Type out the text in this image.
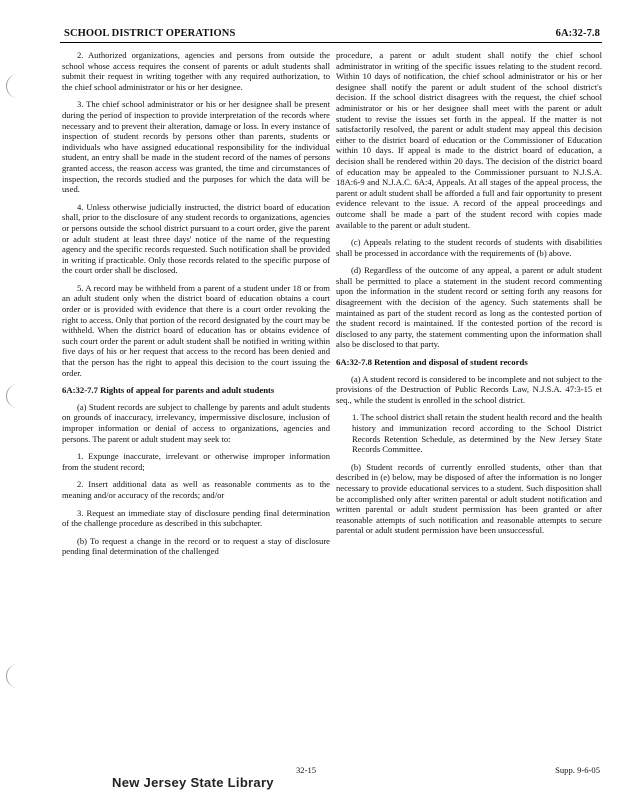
SCHOOL DISTRICT OPERATIONS	6A:32-7.8

2. Authorized organizations, agencies and persons from outside the school whose access requires the consent of parents or adult students shall submit their request in writing together with any required authorization, to the chief school administrator or his or her designee.

3. The chief school administrator or his or her designee shall be present during the period of inspection to provide interpretation of the records where necessary and to prevent their alteration, damage or loss. In every instance of inspection of student records by persons other than parents, students or individuals who have assigned educational responsibility for the individual student, an entry shall be made in the student record of the names of persons granted access, the reason access was granted, the time and circumstances of inspection, the records studied and the purposes for which the data will be used.

4. Unless otherwise judicially instructed, the district board of education shall, prior to the disclosure of any student records to organizations, agencies or persons outside the school district pursuant to a court order, give the parent or adult student at least three days' notice of the name of the requesting agency and the specific records requested. Such notification shall be provided in writing if practicable. Only those records related to the specific purpose of the court order shall be disclosed.

5. A record may be withheld from a parent of a student under 18 or from an adult student only when the district board of education obtains a court order or is provided with evidence that there is a court order revoking the right to access. Only that portion of the record designated by the court may be withheld. When the district board of education has or obtains evidence of such court order the parent or adult student shall be notified in writing within five days of his or her request that access to the record has been denied and that the person has the right to appeal this decision to the court issuing the order.

6A:32-7.7 Rights of appeal for parents and adult students

(a) Student records are subject to challenge by parents and adult students on grounds of inaccuracy, irrelevancy, impermissive disclosure, inclusion of improper information or denial of access to organizations, agencies and persons. The parent or adult student may seek to:

1. Expunge inaccurate, irrelevant or otherwise improper information from the student record;

2. Insert additional data as well as reasonable comments as to the meaning and/or accuracy of the records; and/or

3. Request an immediate stay of disclosure pending final determination of the challenge procedure as described in this subchapter.

(b) To request a change in the record or to request a stay of disclosure pending final determination of the challenged

procedure, a parent or adult student shall notify the chief school administrator in writing of the specific issues relating to the student record. Within 10 days of notification, the chief school administrator or his or her designee shall notify the parent or adult student of the school district's decision. If the school district disagrees with the request, the chief school administrator or his or her designee shall meet with the parent or adult student to revise the issues set forth in the appeal. If the matter is not satisfactorily resolved, the parent or adult student may appeal this decision either to the district board of education or the Commissioner of Education within 10 days. If appeal is made to the district board of education, a decision shall be rendered within 20 days. The decision of the district board of education may be appealed to the Commissioner pursuant to N.J.S.A. 18A:6-9 and N.J.A.C. 6A:4, Appeals. At all stages of the appeal process, the parent or adult student shall be afforded a full and fair opportunity to present evidence relevant to the issue. A record of the appeal proceedings and outcome shall be made a part of the student record with copies made available to the parent or adult student.

(c) Appeals relating to the student records of students with disabilities shall be processed in accordance with the requirements of (b) above.

(d) Regardless of the outcome of any appeal, a parent or adult student shall be permitted to place a statement in the student record commenting upon the information in the student record or setting forth any reasons for disagreement with the decision of the agency. Such statements shall be maintained as part of the student record as long as the contested portion of the student record is maintained. If the contested portion of the record is disclosed to any party, the statement commenting upon the information shall also be disclosed to that party.

6A:32-7.8 Retention and disposal of student records

(a) A student record is considered to be incomplete and not subject to the provisions of the Destruction of Public Records Law, N.J.S.A. 47:3-15 et seq., while the student is enrolled in the school district.

1. The school district shall retain the student health record and the health history and immunization record according to the School District Records Retention Schedule, as determined by the New Jersey State Records Committee.

(b) Student records of currently enrolled students, other than that described in (e) below, may be disposed of after the information is no longer necessary to provide educational services to a student. Such disposition shall be accomplished only after written parental or adult student notification and written parental or adult student permission has been granted or after reasonable attempts of such notification and reasonable attempts to secure parental or adult student permission have been unsuccessful.

32-15	Supp. 9-6-05
New Jersey State Library
